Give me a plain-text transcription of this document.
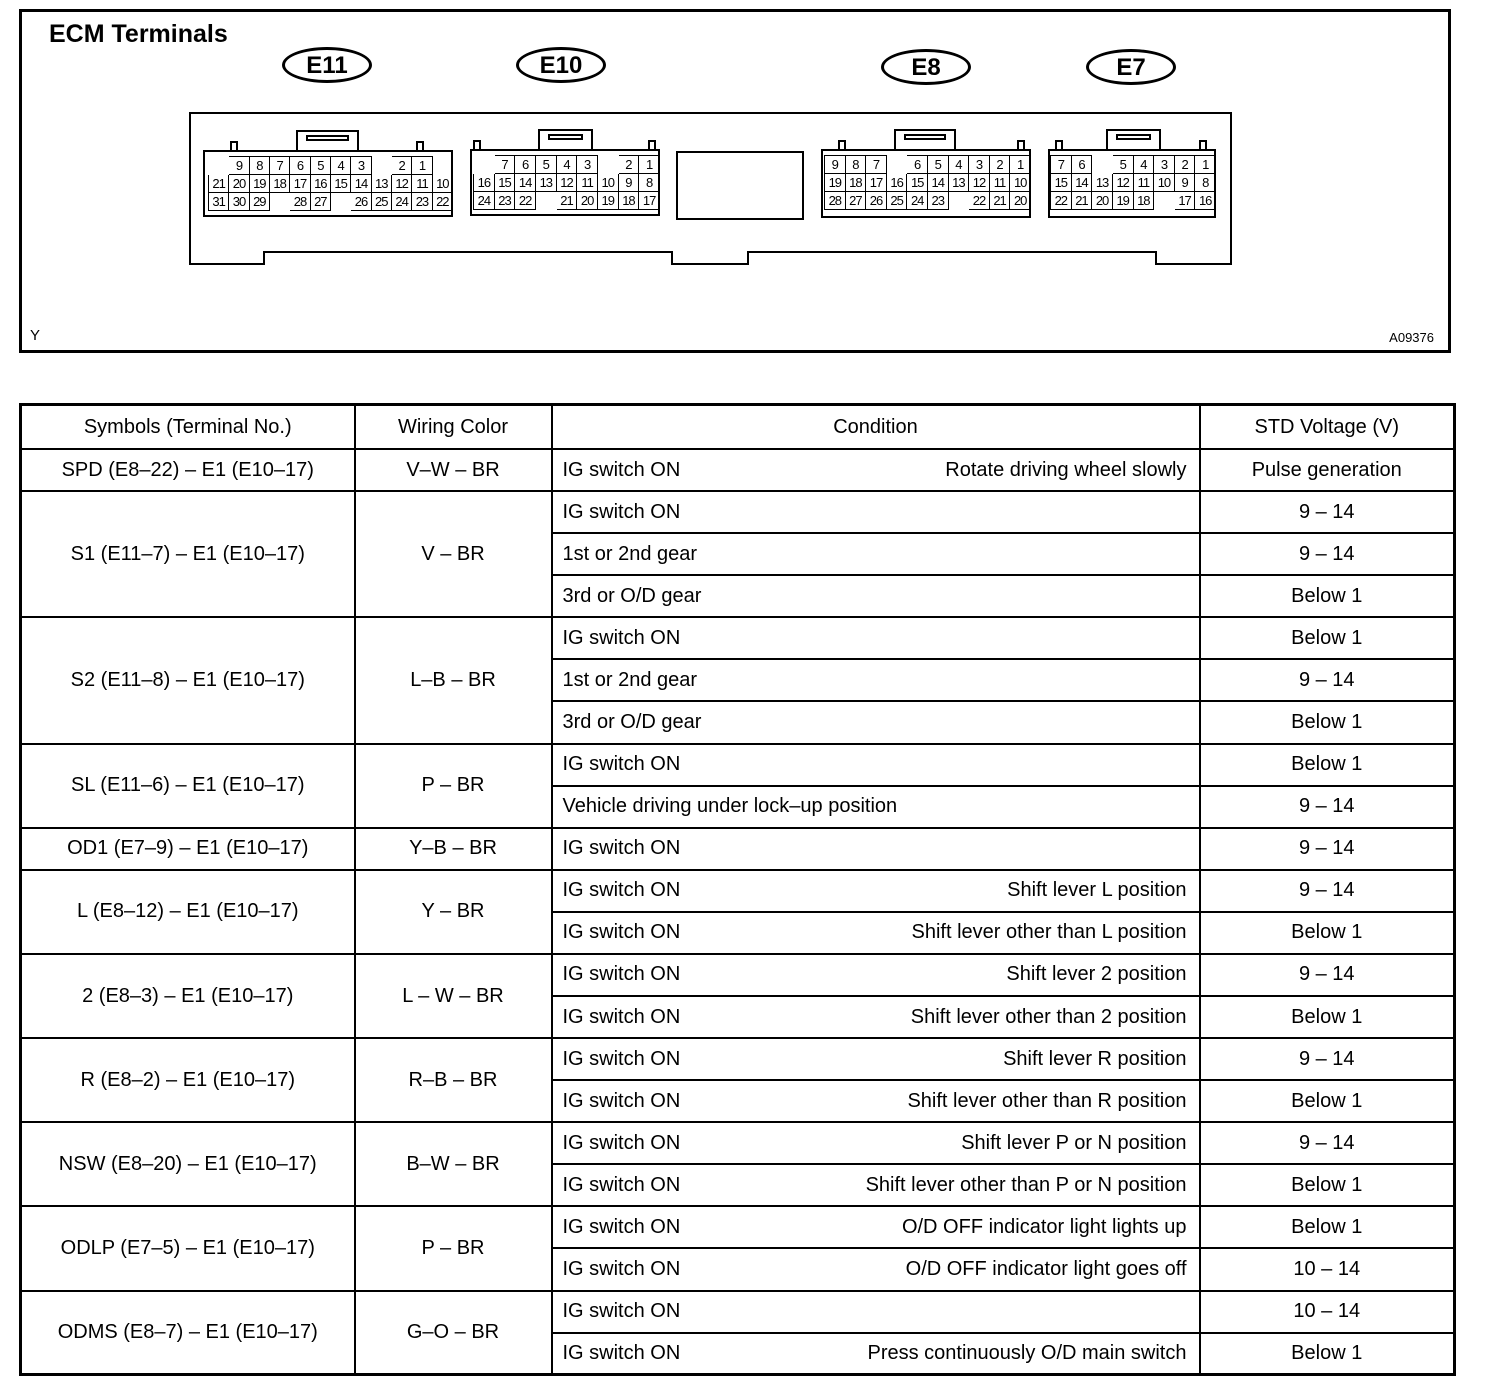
ECM Terminals
E11	E10	E8	E7
	9	8	7	6	5	4	3		2	1	
21	20	19	18	17	16	15	14	13	12	11	10
31	30	29		28	27		26	25	24	23	22
	7	6	5	4	3		2	1
16	15	14	13	12	11	10	9	8
24	23	22		21	20	19	18	17
9	8	7		6	5	4	3	2	1
19	18	17	16	15	14	13	12	11	10
28	27	26	25	24	23		22	21	20
7	6		5	4	3	2	1
15	14	13	12	11	10	9	8
22	21	20	19	18		17	16
Y	A09376
Symbols (Terminal No.)	Wiring Color	Condition	STD Voltage (V)
SPD (E8–22) – E1 (E10–17)	V–W – BR	IG switch ON Rotate driving wheel slowly	Pulse generation
S1 (E11–7) – E1 (E10–17)	V – BR	IG switch ON	9 – 14

		1st or 2nd gear	9 – 14

		3rd or O/D gear	Below 1
S2 (E11–8) – E1 (E10–17)	L–B – BR	IG switch ON	Below 1

		1st or 2nd gear	9 – 14

		3rd or O/D gear	Below 1
SL (E11–6) – E1 (E10–17)	P – BR	IG switch ON	Below 1

		Vehicle driving under lock–up position	9 – 14
OD1 (E7–9) – E1 (E10–17)	Y–B – BR	IG switch ON	9 – 14
L (E8–12) – E1 (E10–17)	Y – BR	IG switch ON Shift lever L position	9 – 14

		IG switch ON Shift lever other than L position	Below 1
2 (E8–3) – E1 (E10–17)	L – W – BR	IG switch ON Shift lever 2 position	9 – 14

		IG switch ON Shift lever other than 2 position	Below 1
R (E8–2) – E1 (E10–17)	R–B – BR	IG switch ON Shift lever R position	9 – 14

		IG switch ON Shift lever other than R position	Below 1
NSW (E8–20) – E1 (E10–17)	B–W – BR	IG switch ON Shift lever P or N position	9 – 14

		IG switch ON Shift lever other than P or N position	Below 1
ODLP (E7–5) – E1 (E10–17)	P – BR	IG switch ON O/D OFF indicator light lights up	Below 1

		IG switch ON O/D OFF indicator light goes off	10 – 14
ODMS (E8–7) – E1 (E10–17)	G–O – BR	IG switch ON	10 – 14

		IG switch ON Press continuously O/D main switch	Below 1
